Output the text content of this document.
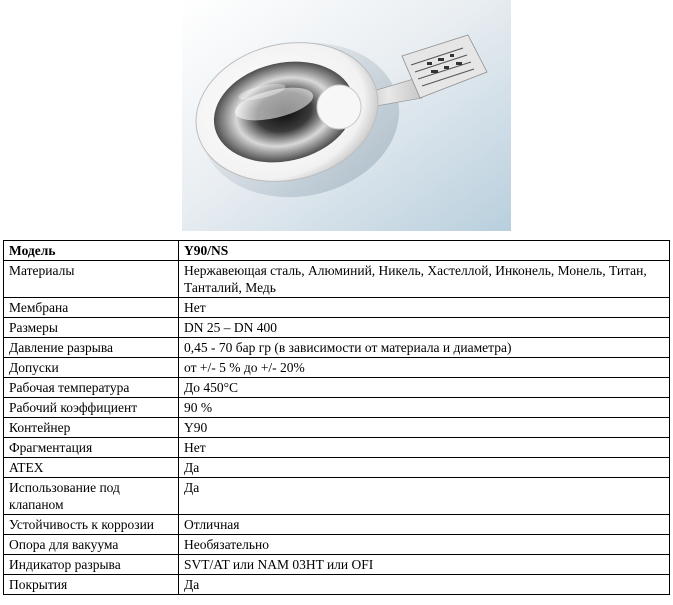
Модель	Y90/NS
Материалы	Нержавеющая сталь, Алюминий, Никель, Хастеллой, Инконель, Монель, Титан, Танталий, Медь
Мембрана	Нет
Размеры	DN 25 – DN 400
Давление разрыва	0,45 - 70 бар гр (в зависимости от материала и диаметра)
Допуски	от +/- 5 % до +/- 20%
Рабочая температура	До 450°C
Рабочий коэффициент	90 %
Контейнер	Y90
Фрагментация	Нет
ATEX	Да
Использование под клапаном	Да
Устойчивость к коррозии	Отличная
Опора для вакуума	Необязательно
Индикатор разрыва	SVT/AT или NAM 03HT или OFI
Покрытия	Да
